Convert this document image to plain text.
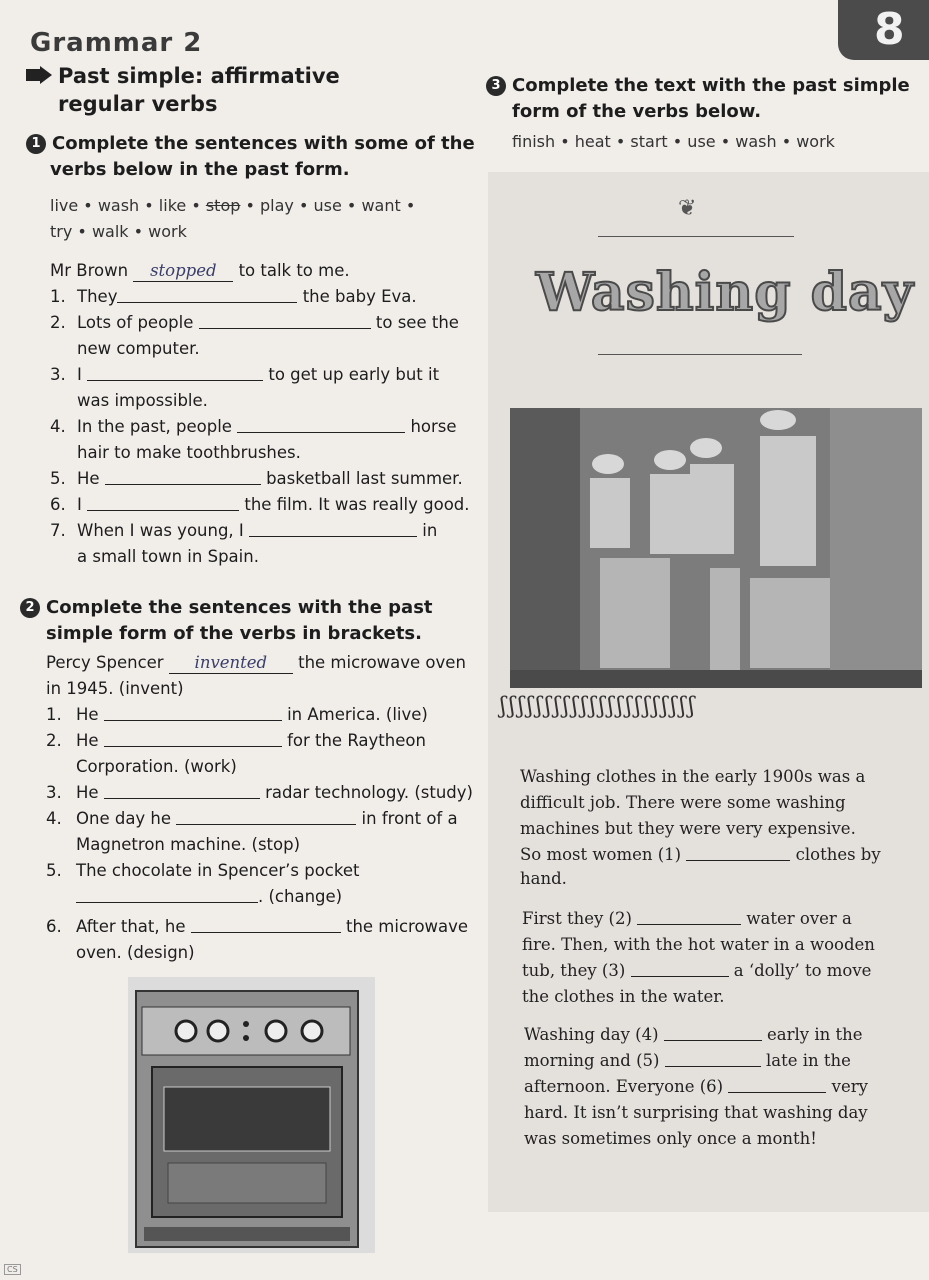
8
Grammar 2
Past simple: affirmative
regular verbs
1 Complete the sentences with some of the
verbs below in the past form.
live • wash • like • stop • play • use • want •
try • walk • work
Mr Brown stopped to talk to me.
1. They	the baby Eva.
2. Lots of people	to see the
new computer.
3. I	to get up early but it
was impossible.
4. In the past, people	horse
hair to make toothbrushes.
5. He	basketball last summer.
6. I	the film. It was really good.
7. When I was young, I	in
a small town in Spain.
2 Complete the sentences with the past
simple form of the verbs in brackets.
Percy Spencer invented the microwave oven
in 1945. (invent)
1. He	in America. (live)
2. He	for the Raytheon
Corporation. (work)
3. He	radar technology. (study)
4. One day he	in front of a
Magnetron machine. (stop)
5. The chocolate in Spencer’s pocket
. (change)
6. After that, he	the microwave
oven. (design)
3 Complete the text with the past simple
form of the verbs below.
finish • heat • start • use • wash • work
❦
Washing day
ʃʃʃʃʃʃʃʃʃʃʃʃʃʃʃʃʃʃʃʃʃʃ
Washing clothes in the early 1900s was a
difficult job. There were some washing
machines but they were very expensive.
So most women (1)	clothes by
hand.
First they (2)	water over a
fire. Then, with the hot water in a wooden
tub, they (3)	a ‘dolly’ to move
the clothes in the water.
Washing day (4)	early in the
morning and (5)	late in the
afternoon. Everyone (6)	very
hard. It isn’t surprising that washing day
was sometimes only once a month!
CS
